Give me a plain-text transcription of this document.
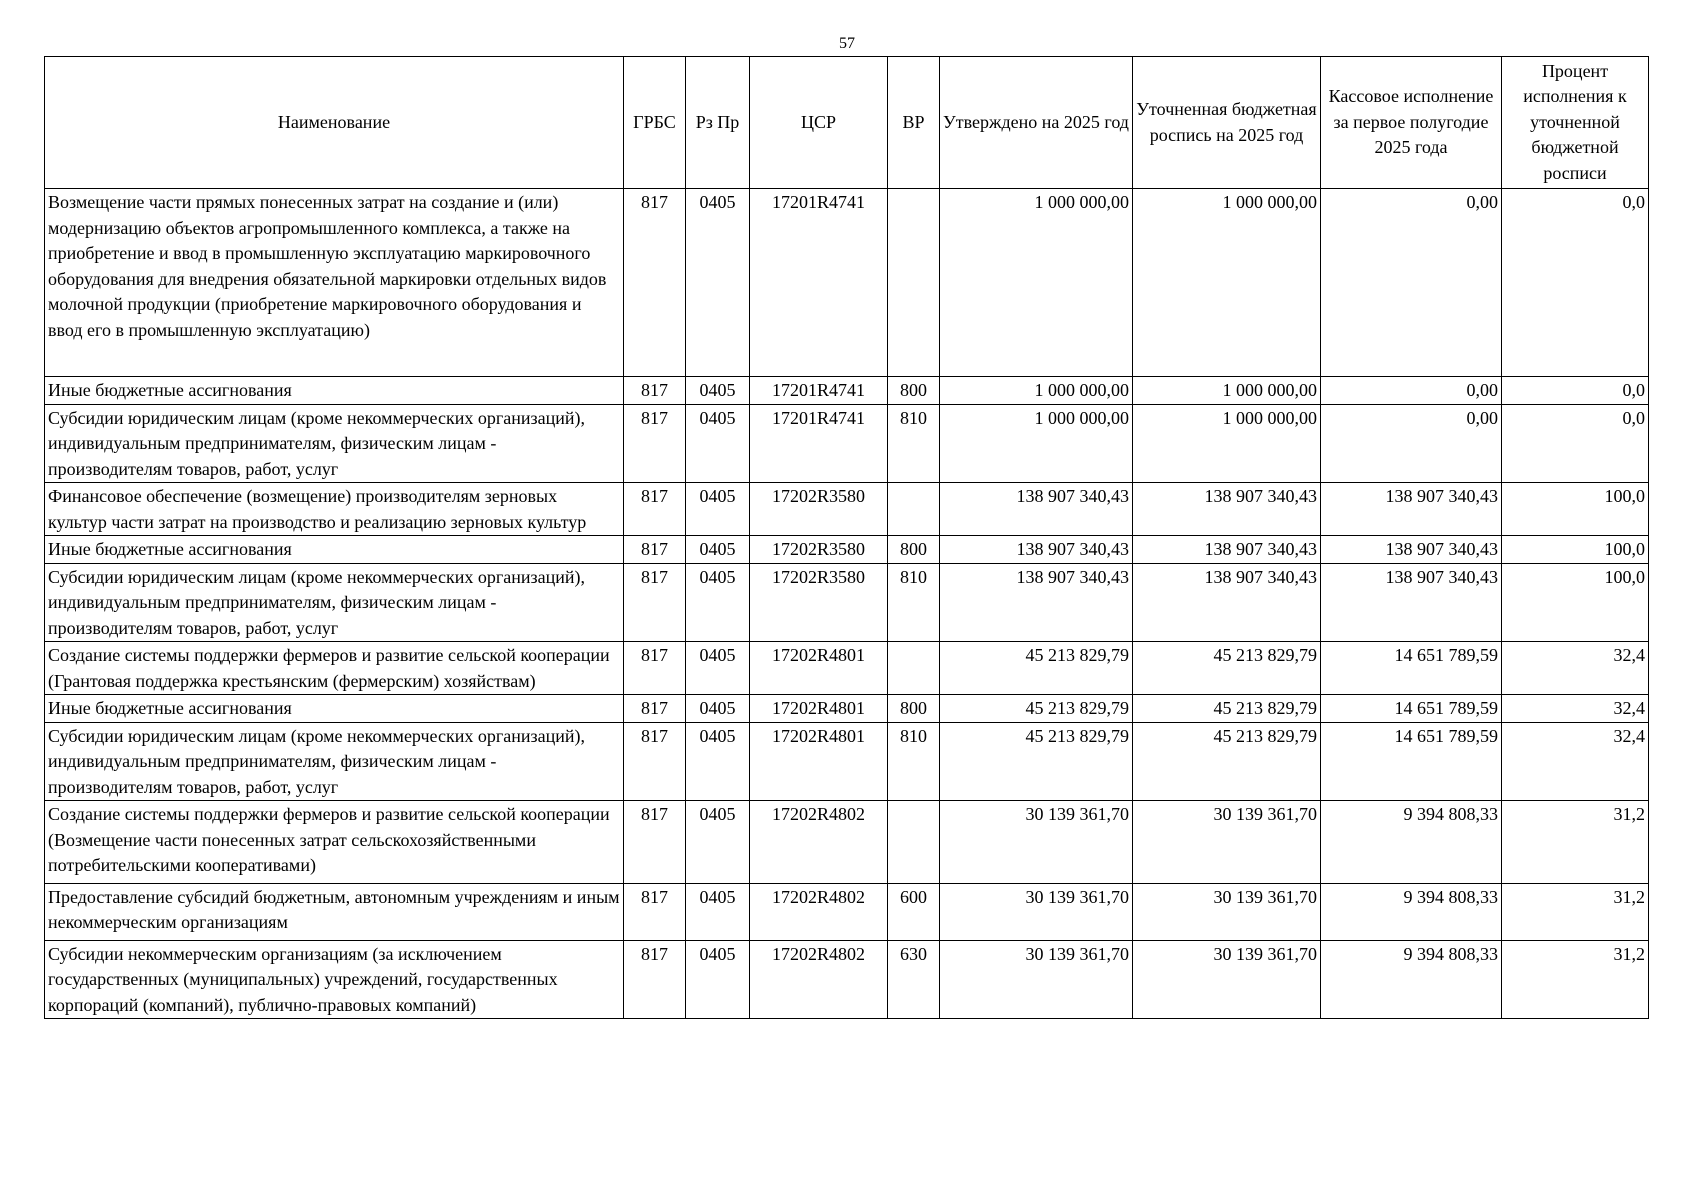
57
Наименование	ГРБС	Рз Пр	ЦСР	ВР	Утверждено на 2025 год	Уточненная бюджетная роспись на 2025 год	Кассовое исполнение за первое полугодие 2025 года	Процент исполнения к уточненной бюджетной росписи
Возмещение части прямых понесенных затрат на создание и (или) модернизацию объектов агропромышленного комплекса, а также на приобретение и ввод в промышленную эксплуатацию маркировочного оборудования для внедрения обязательной маркировки отдельных видов молочной продукции (приобретение маркировочного оборудования и ввод его в промышленную эксплуатацию)	817	0405	17201R4741		1 000 000,00	1 000 000,00	0,00	0,0
Иные бюджетные ассигнования	817	0405	17201R4741	800	1 000 000,00	1 000 000,00	0,00	0,0
Субсидии юридическим лицам (кроме некоммерческих организаций), индивидуальным предпринимателям, физическим лицам - производителям товаров, работ, услуг	817	0405	17201R4741	810	1 000 000,00	1 000 000,00	0,00	0,0
Финансовое обеспечение (возмещение) производителям зерновых культур части затрат на производство и реализацию зерновых культур	817	0405	17202R3580		138 907 340,43	138 907 340,43	138 907 340,43	100,0
Иные бюджетные ассигнования	817	0405	17202R3580	800	138 907 340,43	138 907 340,43	138 907 340,43	100,0
Субсидии юридическим лицам (кроме некоммерческих организаций), индивидуальным предпринимателям, физическим лицам - производителям товаров, работ, услуг	817	0405	17202R3580	810	138 907 340,43	138 907 340,43	138 907 340,43	100,0
Создание системы поддержки фермеров и развитие сельской кооперации (Грантовая поддержка крестьянским (фермерским) хозяйствам)	817	0405	17202R4801		45 213 829,79	45 213 829,79	14 651 789,59	32,4
Иные бюджетные ассигнования	817	0405	17202R4801	800	45 213 829,79	45 213 829,79	14 651 789,59	32,4
Субсидии юридическим лицам (кроме некоммерческих организаций), индивидуальным предпринимателям, физическим лицам - производителям товаров, работ, услуг	817	0405	17202R4801	810	45 213 829,79	45 213 829,79	14 651 789,59	32,4
Создание системы поддержки фермеров и развитие сельской кооперации (Возмещение части понесенных затрат сельскохозяйственными потребительскими кооперативами)	817	0405	17202R4802		30 139 361,70	30 139 361,70	9 394 808,33	31,2
Предоставление субсидий бюджетным, автономным учреждениям и иным некоммерческим организациям	817	0405	17202R4802	600	30 139 361,70	30 139 361,70	9 394 808,33	31,2
Субсидии некоммерческим организациям (за исключением государственных (муниципальных) учреждений, государственных корпораций (компаний), публично-правовых компаний)	817	0405	17202R4802	630	30 139 361,70	30 139 361,70	9 394 808,33	31,2
